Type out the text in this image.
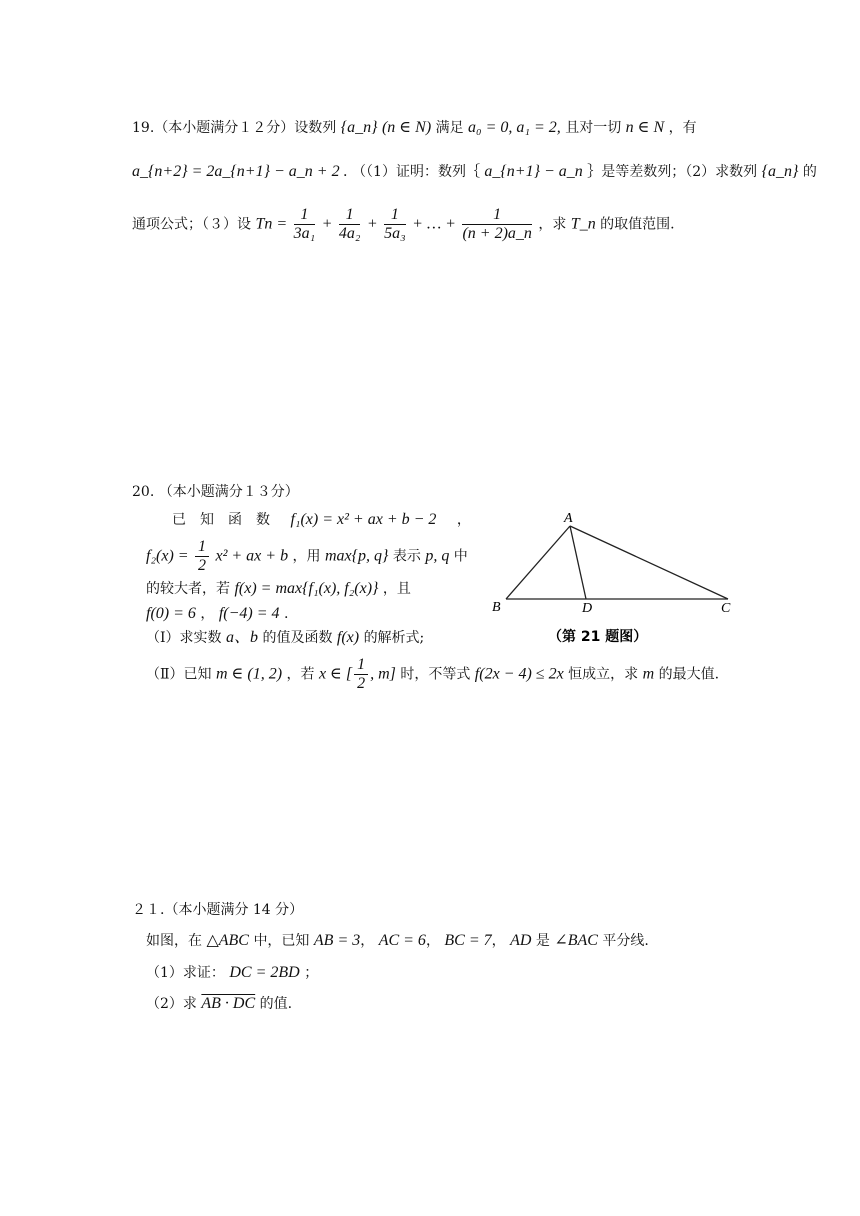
19.（本小题满分１２分）设数列 {a_n} (n ∈ N) 满足 a₀ = 0, a₁ = 2, 且对一切 n ∈ N ，有
a_{n+2} = 2a_{n+1} − a_n + 2 . （（1）证明：数列｛ a_{n+1} − a_n ｝是等差数列；（2）求数列 {a_n} 的
通项公式；（３）设 $Tn = \frac{1}{\text{3a₁}} + \frac{1}{\text{4a₂}} + \frac{1}{\text{5a₃}}$ + … + $\frac{1}{(n + 2)a\_n}$ ，求 T_n 的取值范围.
20. （本小题满分１３分）
已　知　函　数 f₁(x) = x² + ax + b − 2 ，
$f_2(x) = \frac{1}{2} x^2$ + ax + b ，用 max{p, q} 表示 p, q 中
的较大者，若 f(x) = max{f₁(x), f₂(x)} ，且
f(0) = 6 ， f(−4) = 4 .
（Ⅰ）求实数 a、b 的值及函数 f(x) 的解析式;
（Ⅱ）已知 m ∈ (1, 2) ，若 x ∈ [ $\frac{1}{2}$ , m] 时，不等式 f(2x − 4) ≤ 2x 恒成立，求 m 的最大值.
A
B	D	C
（第 21 题图）
２１.（本小题满分 14 分）
如图，在 △ABC 中，已知 AB = 3， AC = 6， BC = 7， AD 是 ∠BAC 平分线.
（1）求证： DC = 2BD ；
（2）求 AB · DC 的值.
